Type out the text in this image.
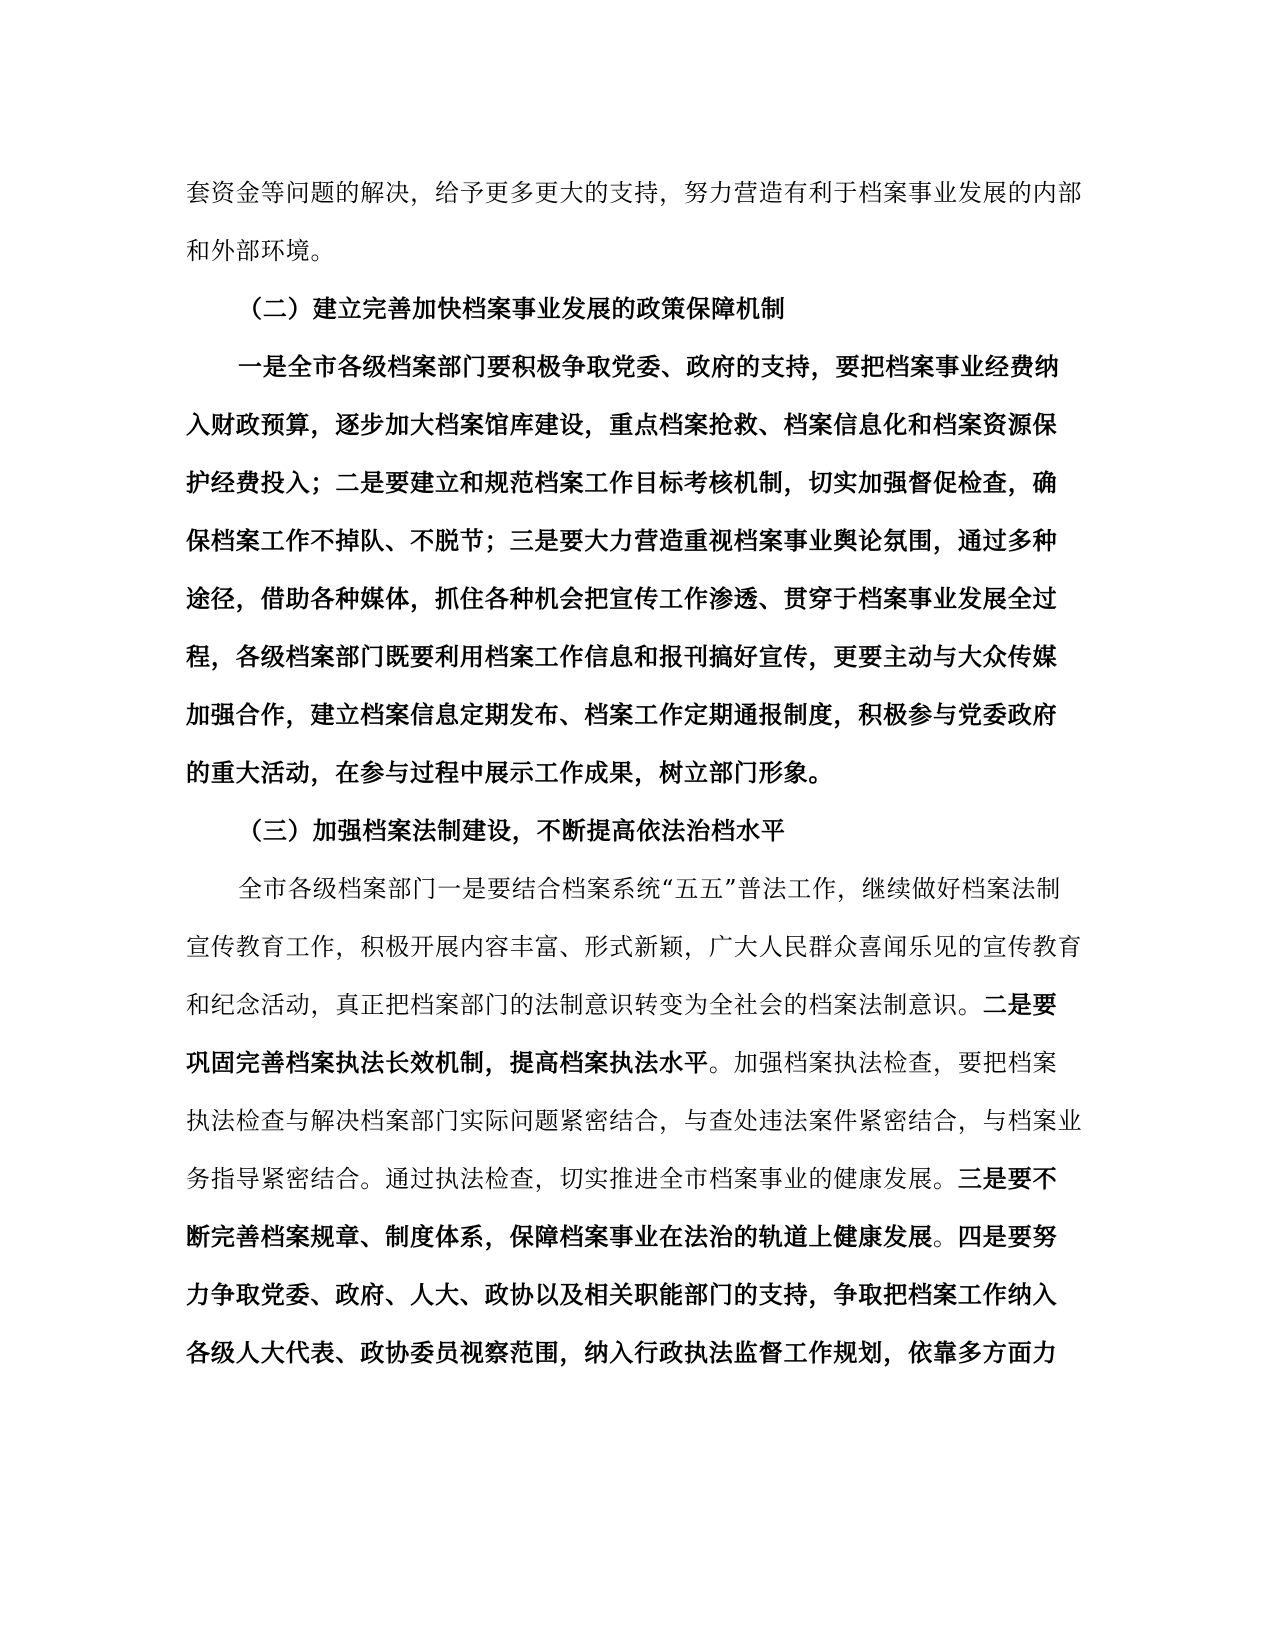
套资金等问题的解决，给予更多更大的支持，努力营造有利于档案事业发展的内部
和外部环境。
（二）建立完善加快档案事业发展的政策保障机制
一是全市各级档案部门要积极争取党委、政府的支持，要把档案事业经费纳
入财政预算，逐步加大档案馆库建设，重点档案抢救、档案信息化和档案资源保
护经费投入；二是要建立和规范档案工作目标考核机制，切实加强督促检查，确
保档案工作不掉队、不脱节；三是要大力营造重视档案事业舆论氛围，通过多种
途径，借助各种媒体，抓住各种机会把宣传工作渗透、贯穿于档案事业发展全过
程，各级档案部门既要利用档案工作信息和报刊搞好宣传，更要主动与大众传媒
加强合作，建立档案信息定期发布、档案工作定期通报制度，积极参与党委政府
的重大活动，在参与过程中展示工作成果，树立部门形象。
（三）加强档案法制建设，不断提高依法治档水平
全市各级档案部门一是要结合档案系统“五五”普法工作，继续做好档案法制
宣传教育工作，积极开展内容丰富、形式新颖，广大人民群众喜闻乐见的宣传教育
和纪念活动，真正把档案部门的法制意识转变为全社会的档案法制意识。二是要
巩固完善档案执法长效机制，提高档案执法水平。加强档案执法检查，要把档案
执法检查与解决档案部门实际问题紧密结合，与查处违法案件紧密结合，与档案业
务指导紧密结合。通过执法检查，切实推进全市档案事业的健康发展。三是要不
断完善档案规章、制度体系，保障档案事业在法治的轨道上健康发展。四是要努
力争取党委、政府、人大、政协以及相关职能部门的支持，争取把档案工作纳入
各级人大代表、政协委员视察范围，纳入行政执法监督工作规划，依靠多方面力
